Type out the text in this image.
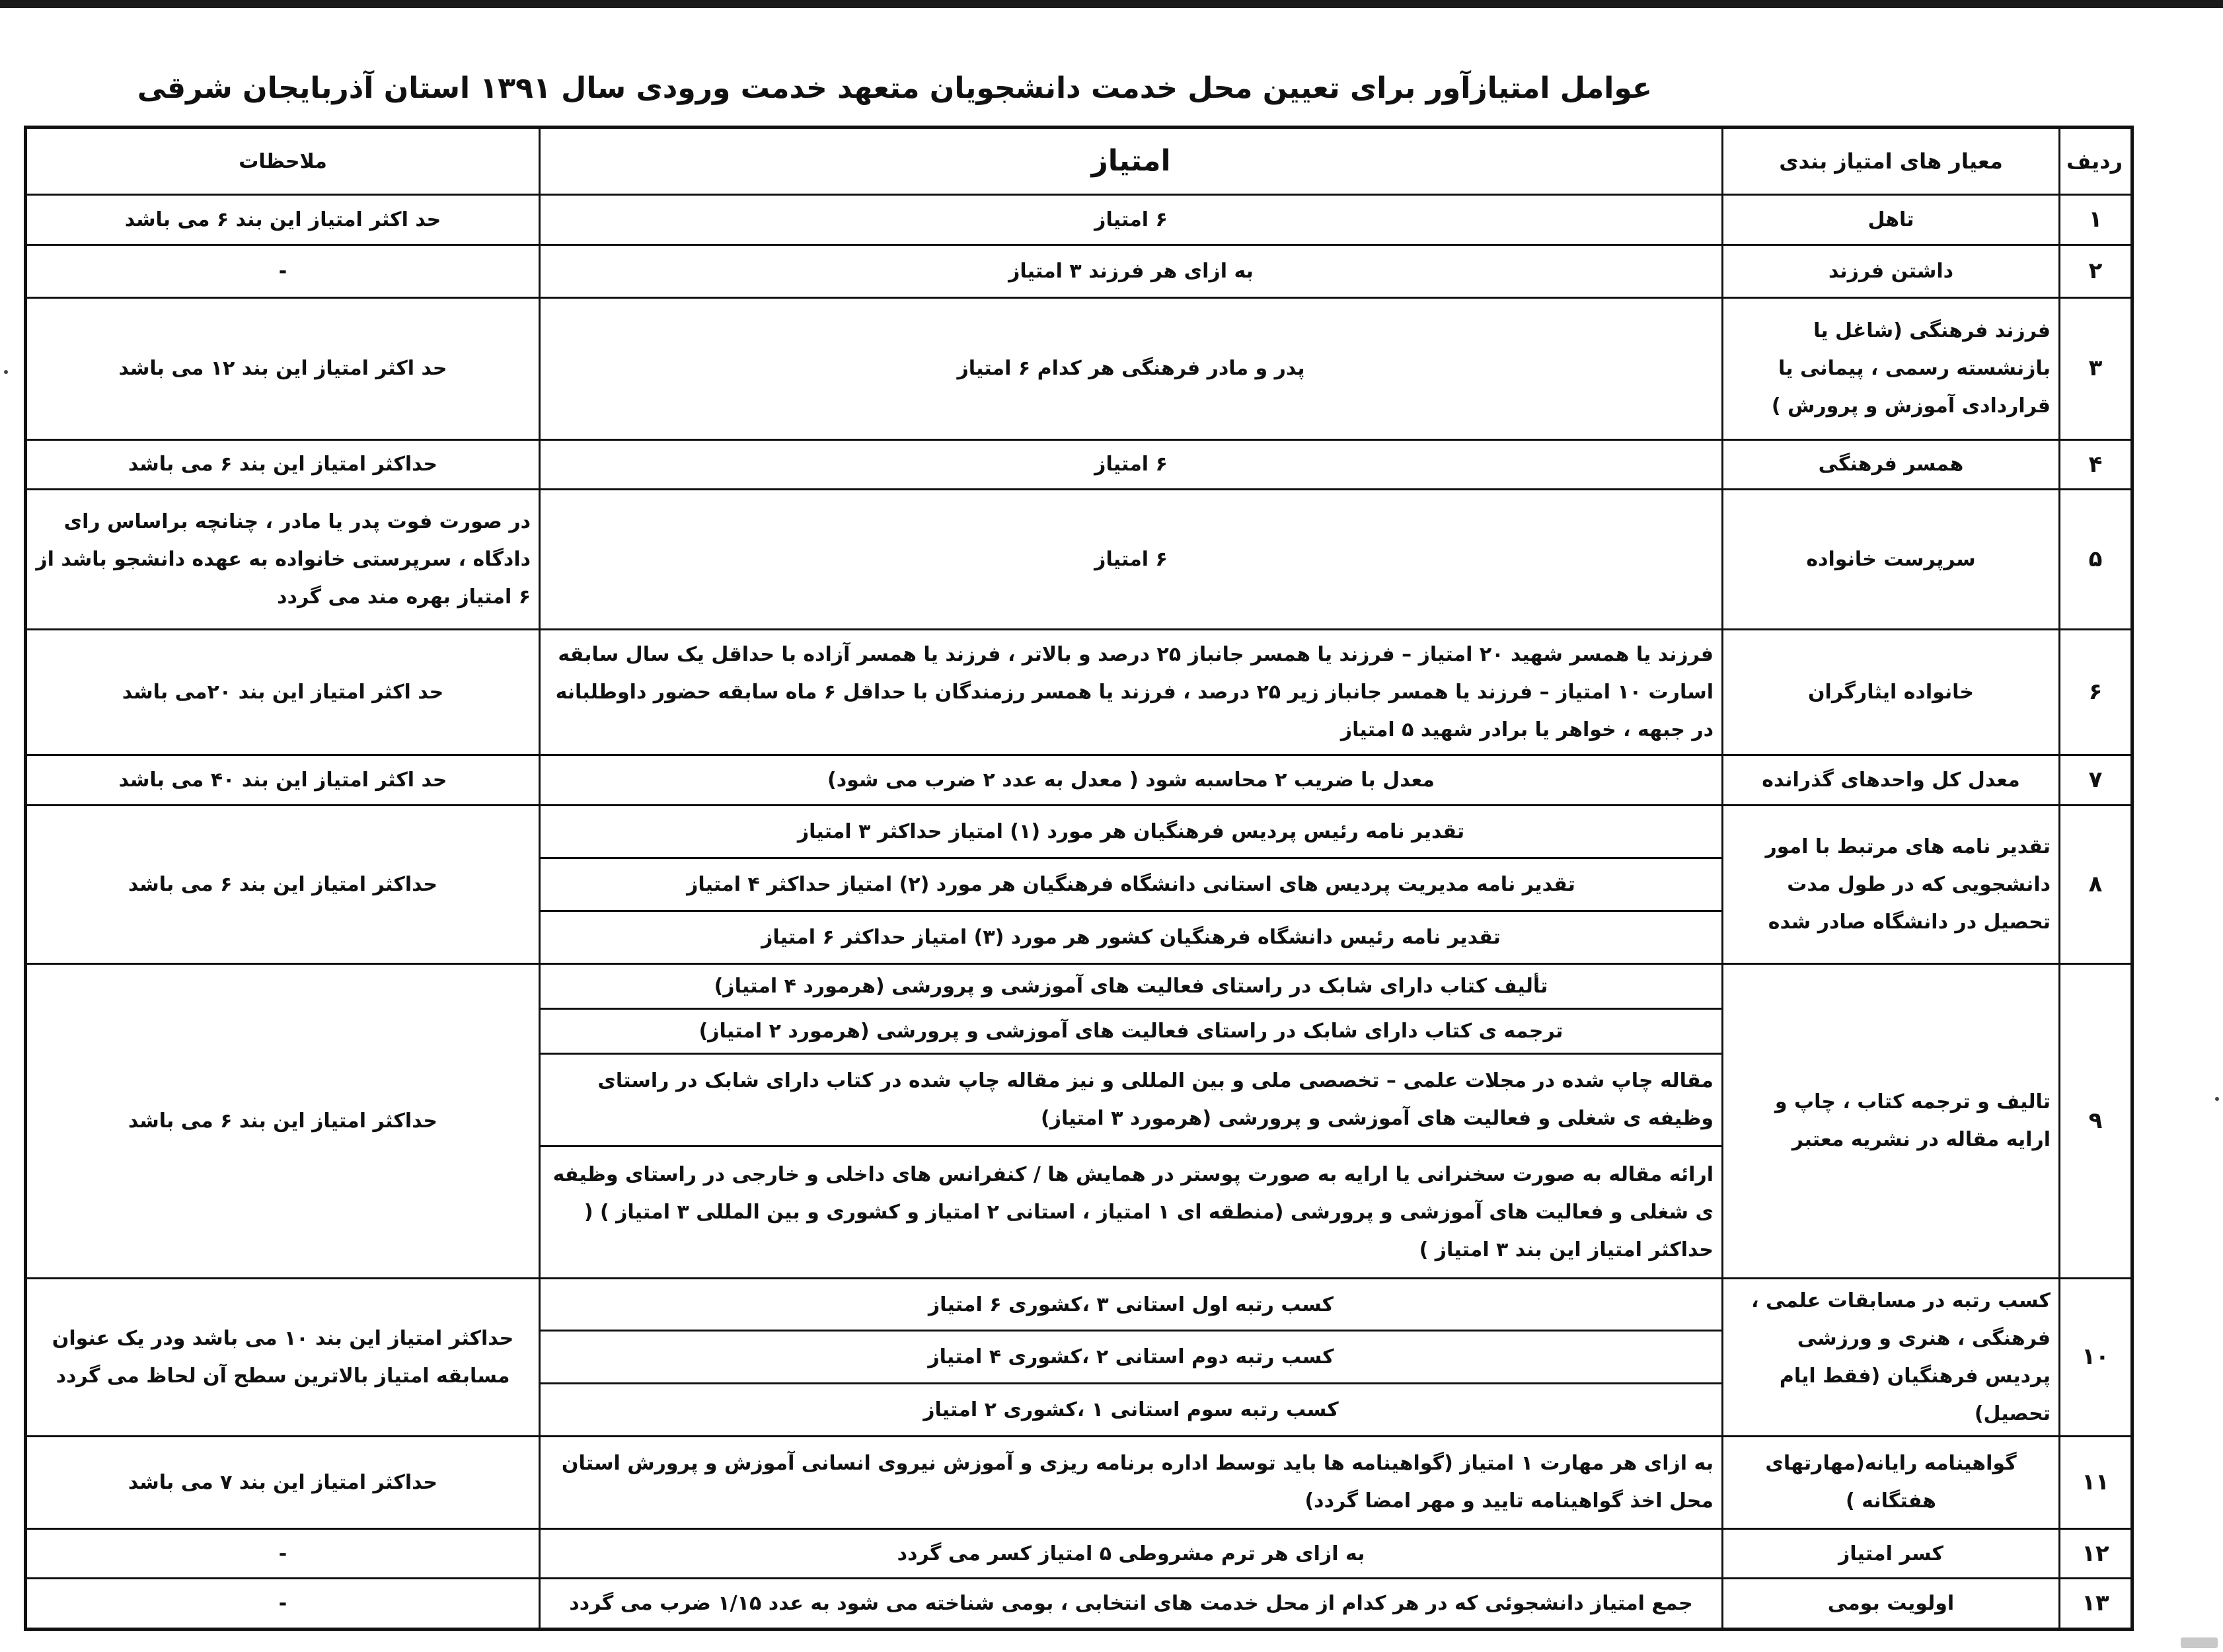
عوامل امتیازآور برای تعیین محل خدمت دانشجویان متعهد خدمت ورودی سال ۱۳۹۱ استان آذربایجان شرقی
ردیف	معیار های امتیاز بندی	امتیاز	ملاحظات
۱	تاهل	۶ امتیاز	حد اکثر امتیاز این بند ۶ می باشد
۲	داشتن فرزند	به ازای هر فرزند ۳ امتیاز	-
۳	فرزند فرهنگی (شاغل یا بازنشسته رسمی ، پیمانی یا قراردادی آموزش و پرورش )	پدر و مادر فرهنگی هر کدام ۶ امتیاز	حد اکثر امتیاز این بند ۱۲ می باشد
۴	همسر فرهنگی	۶ امتیاز	حداکثر امتیاز این بند ۶ می باشد
۵	سرپرست خانواده	۶ امتیاز	در صورت فوت پدر یا مادر ، چنانچه براساس رای دادگاه ، سرپرستی خانواده به عهده دانشجو باشد از ۶ امتیاز بهره مند می گردد
۶	خانواده ایثارگران	فرزند یا همسر شهید ۲۰ امتیاز – فرزند یا همسر جانباز ۲۵ درصد و بالاتر ، فرزند یا همسر آزاده با حداقل یک سال سابقه اسارت ۱۰ امتیاز – فرزند یا همسر جانباز زیر ۲۵ درصد ، فرزند یا همسر رزمندگان با حداقل ۶ ماه سابقه حضور داوطلبانه در جبهه ، خواهر یا برادر شهید ۵ امتیاز	حد اکثر امتیاز این بند ۲۰می باشد
۷	معدل کل واحدهای گذرانده	معدل با ضریب ۲ محاسبه شود ( معدل به عدد ۲ ضرب می شود)	حد اکثر امتیاز این بند ۴۰ می باشد
۸	تقدیر نامه های مرتبط با امور دانشجویی که در طول مدت تحصیل در دانشگاه صادر شده	تقدیر نامه رئیس پردیس فرهنگیان هر مورد (۱) امتیاز حداکثر ۳ امتیاز	حداکثر امتیاز این بند ۶ می باشد
		تقدیر نامه مدیریت پردیس های استانی دانشگاه فرهنگیان هر مورد (۲) امتیاز حداکثر ۴ امتیاز	
		تقدیر نامه رئیس دانشگاه فرهنگیان کشور هر مورد (۳) امتیاز حداکثر ۶ امتیاز	
۹	تالیف و ترجمه کتاب ، چاپ و ارایه مقاله در نشریه معتبر	تألیف کتاب دارای شابک در راستای فعالیت های آموزشی و پرورشی (هرمورد ۴ امتیاز)	حداکثر امتیاز این بند ۶ می باشد
		ترجمه ی کتاب دارای شابک در راستای فعالیت های آموزشی و پرورشی (هرمورد ۲ امتیاز)	
		مقاله چاپ شده در مجلات علمی – تخصصی ملی و بین المللی و نیز مقاله چاپ شده در کتاب دارای شابک در راستای وظیفه ی شغلی و فعالیت های آموزشی و پرورشی (هرمورد ۳ امتیاز)	
		ارائه مقاله به صورت سخنرانی یا ارایه به صورت پوستر در همایش ها / کنفرانس های داخلی و خارجی در راستای وظیفه ی شغلی و فعالیت های آموزشی و پرورشی (منطقه ای ۱ امتیاز ، استانی ۲ امتیاز و کشوری و بین المللی ۳ امتیاز ) ( حداکثر امتیاز این بند ۳ امتیاز )	
۱۰	کسب رتبه در مسابقات علمی ، فرهنگی ، هنری و ورزشی پردیس فرهنگیان (فقط ایام تحصیل)	کسب رتبه اول استانی ۳ ،کشوری ۶ امتیاز	حداکثر امتیاز این بند ۱۰ می باشد ودر یک عنوان مسابقه امتیاز بالاترین سطح آن لحاظ می گردد
		کسب رتبه دوم استانی ۲ ،کشوری ۴ امتیاز	
		کسب رتبه سوم استانی ۱ ،کشوری ۲ امتیاز	
۱۱	گواهینامه رایانه(مهارتهای هفتگانه )	به ازای هر مهارت ۱ امتیاز (گواهینامه ها باید توسط اداره برنامه ریزی و آموزش نیروی انسانی آموزش و پرورش استان محل اخذ گواهینامه تایید و مهر امضا گردد)	حداکثر امتیاز این بند ۷ می باشد
۱۲	کسر امتیاز	به ازای هر ترم مشروطی ۵ امتیاز کسر می گردد	-
۱۳	اولویت بومی	جمع امتیاز دانشجوئی که در هر کدام از محل خدمت های انتخابی ، بومی شناخته می شود به عدد ۱/۱۵ ضرب می گردد	-
